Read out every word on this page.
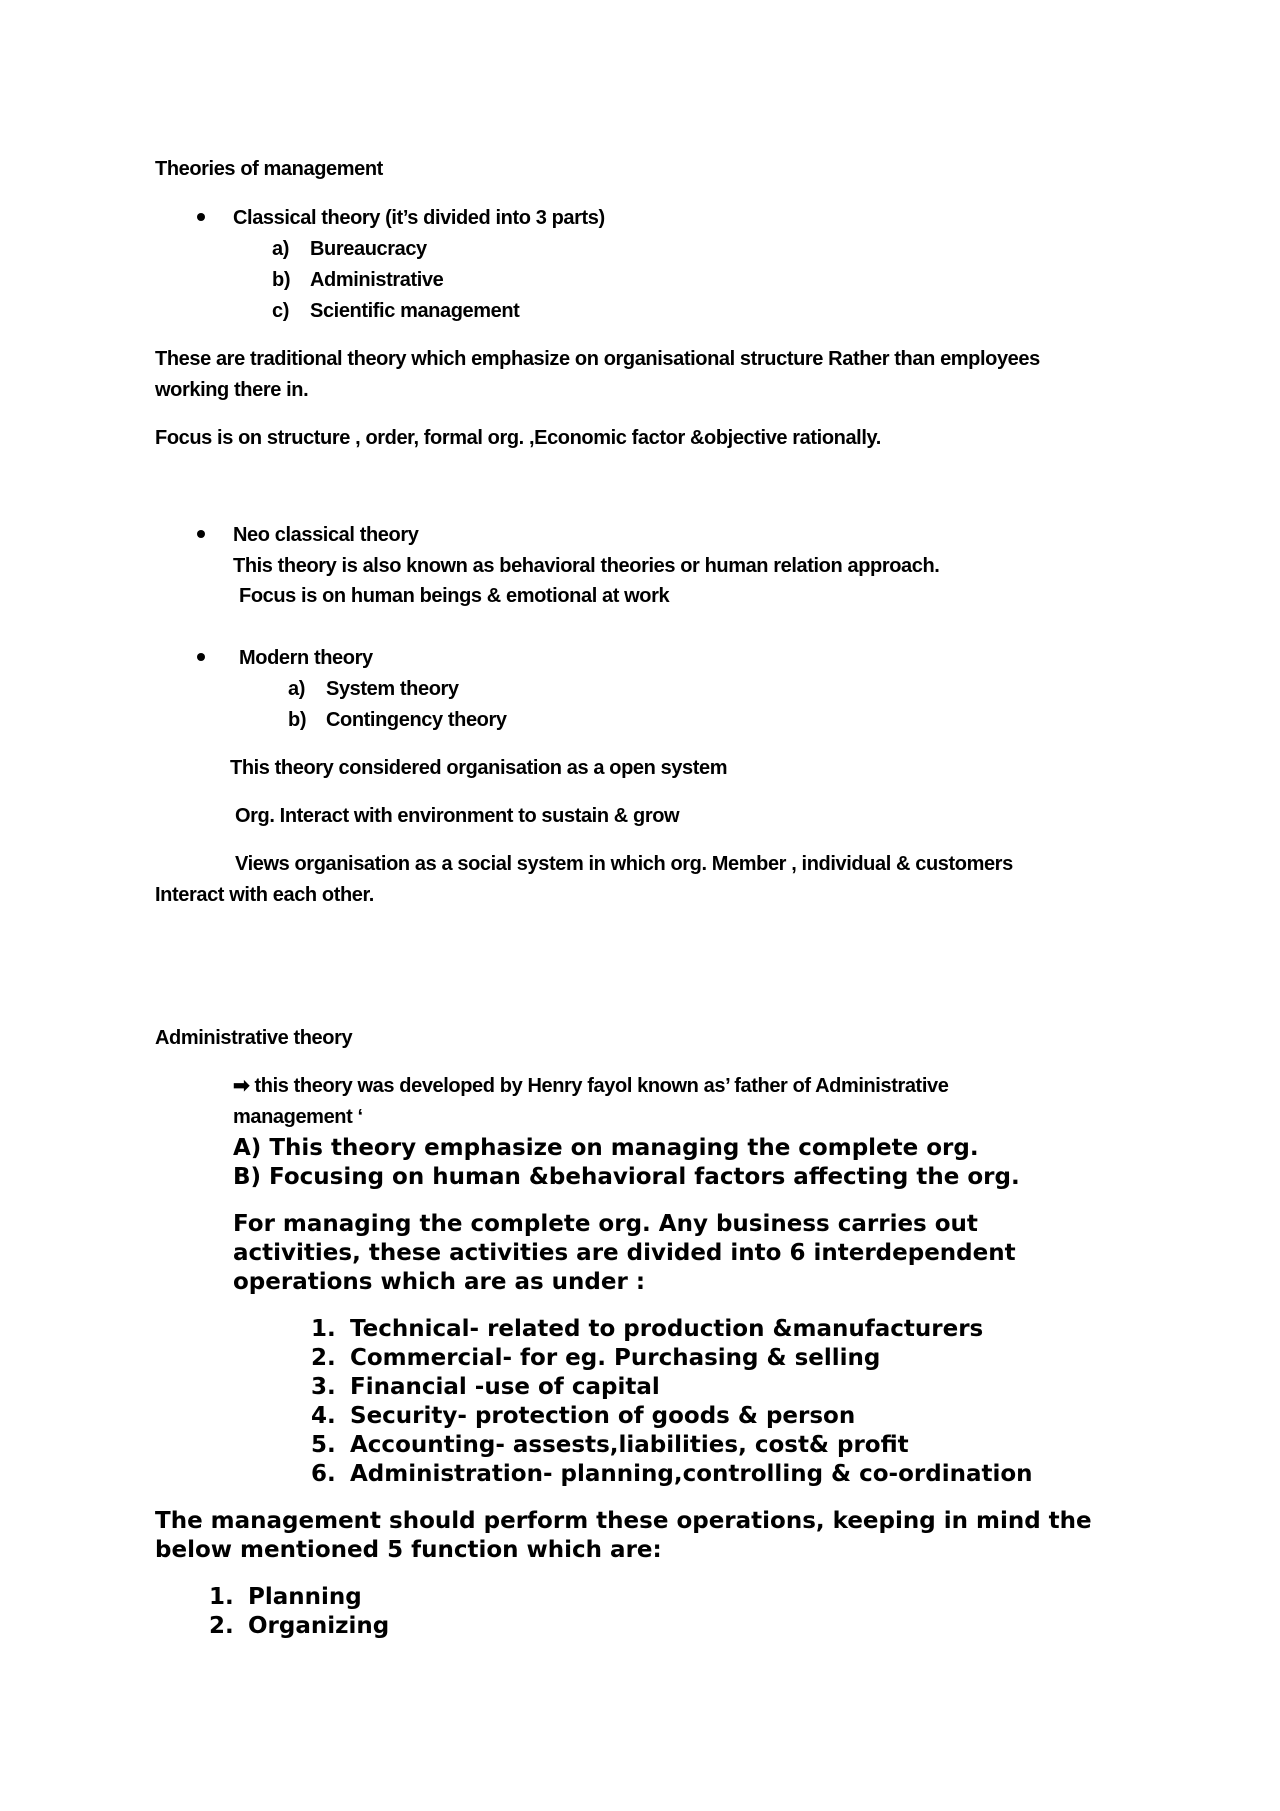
Theories of management
Classical theory (it’s divided into 3 parts)
a) Bureaucracy
b) Administrative
c) Scientific management
These are traditional theory which emphasize on organisational structure Rather than employees
working there in.
Focus is on structure , order, formal org. ,Economic factor &objective rationally.
Neo classical theory
This theory is also known as behavioral theories or human relation approach.
Focus is on human beings & emotional at work
Modern theory
a) System theory
b) Contingency theory
This theory considered organisation as a open system
Org. Interact with environment to sustain & grow
Views organisation as a social system in which org. Member , individual & customers
Interact with each other.
Administrative theory
➡ this theory was developed by Henry fayol known as’ father of Administrative
management ‘
A) This theory emphasize on managing the complete org.
B) Focusing on human &behavioral factors affecting the org.
For managing the complete org. Any business carries out
activities, these activities are divided into 6 interdependent
operations which are as under :
1. Technical- related to production &manufacturers
2. Commercial- for eg. Purchasing & selling
3. Financial -use of capital
4. Security- protection of goods & person
5. Accounting- assests,liabilities, cost& profit
6. Administration- planning,controlling & co-ordination
The management should perform these operations, keeping in mind the
below mentioned 5 function which are:
1. Planning
2. Organizing
